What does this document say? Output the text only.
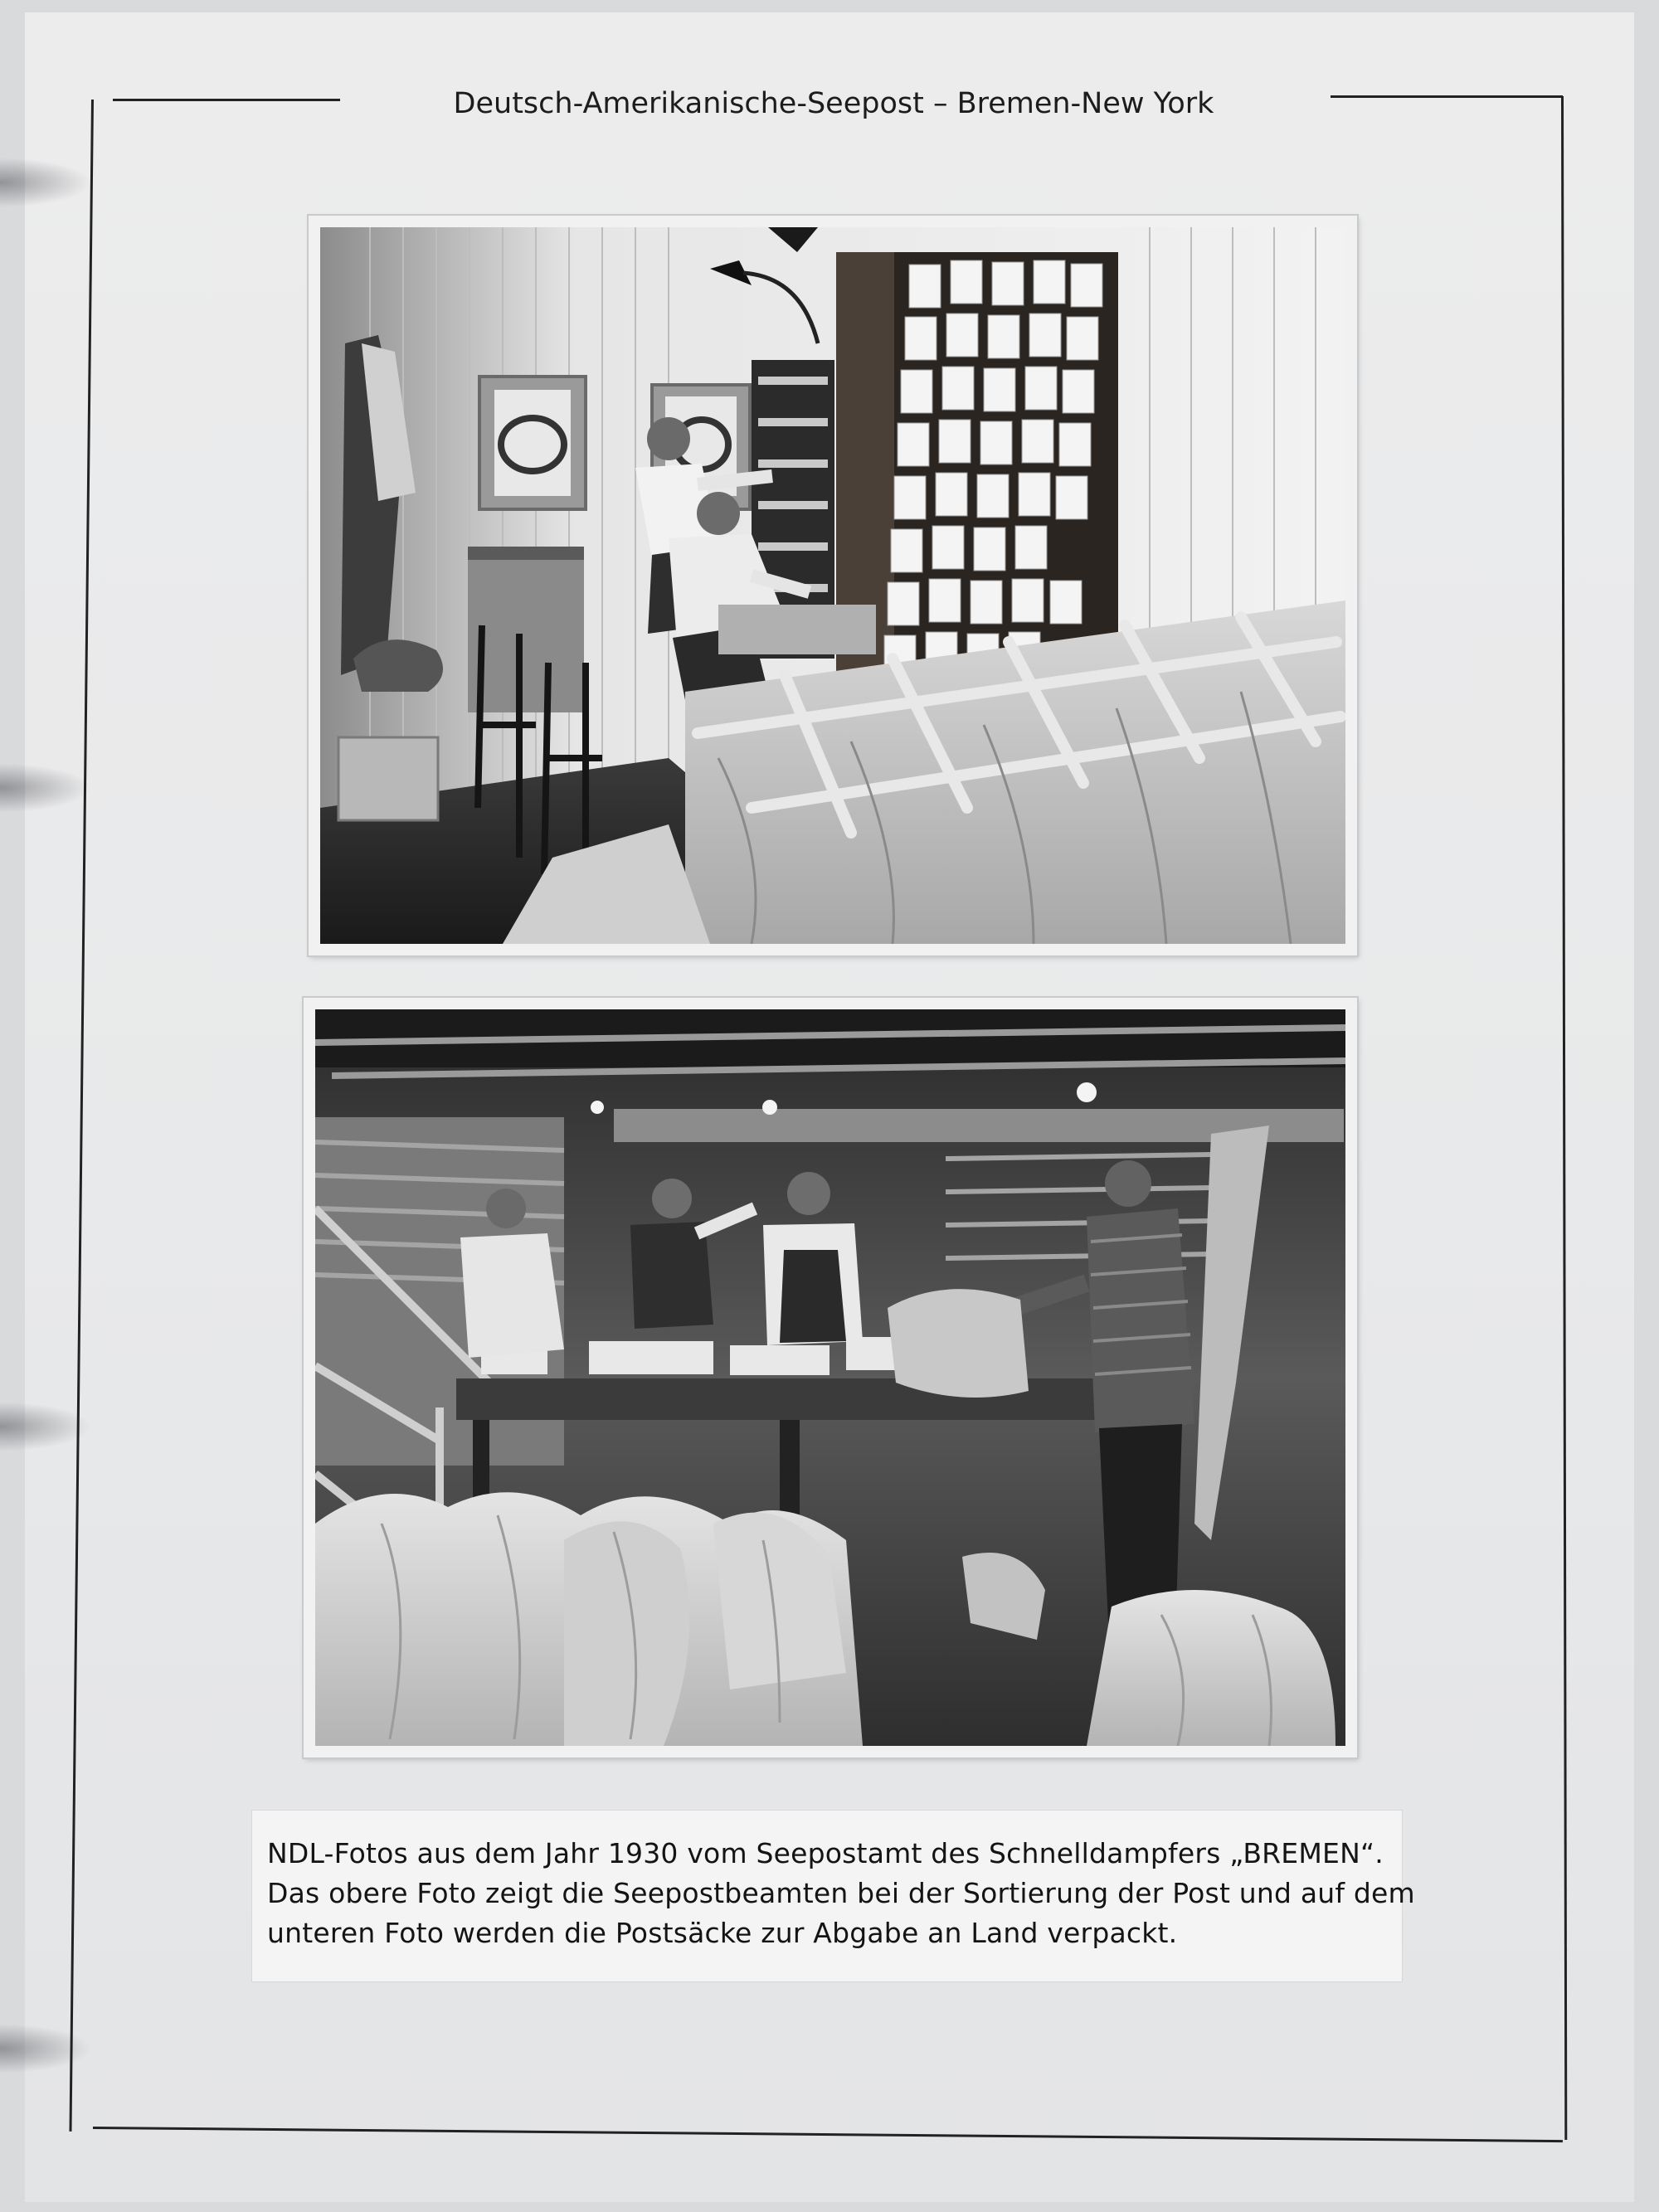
Deutsch-Amerikanische-Seepost – Bremen-New York
NDL-Fotos aus dem Jahr 1930 vom Seepostamt des Schnelldampfers „BREMEN“.
Das obere Foto zeigt die Seepostbeamten bei der Sortierung der Post und auf dem
unteren Foto werden die Postsäcke zur Abgabe an Land verpackt.
